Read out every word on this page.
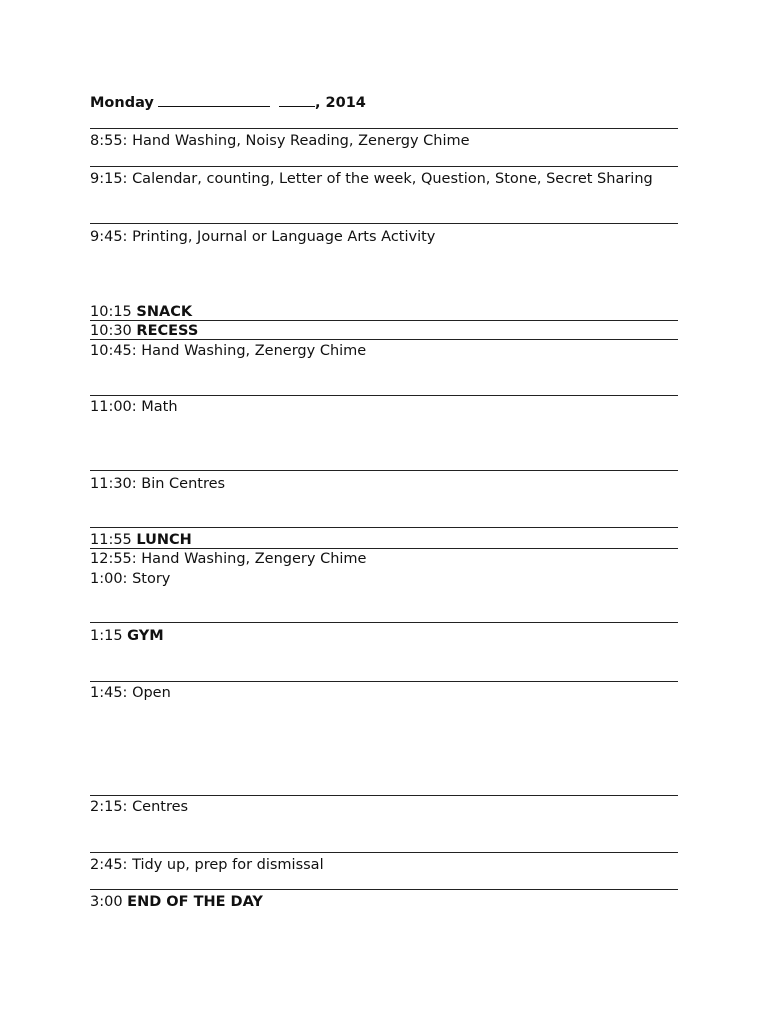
Monday	, 2014
8:55: Hand Washing, Noisy Reading, Zenergy Chime
9:15: Calendar, counting, Letter of the week, Question, Stone, Secret Sharing
9:45: Printing, Journal or Language Arts Activity
10:15 SNACK
10:30 RECESS
10:45: Hand Washing, Zenergy Chime
11:00: Math
11:30: Bin Centres
11:55 LUNCH
12:55: Hand Washing, Zengery Chime
1:00: Story
1:15 GYM
1:45: Open
2:15: Centres
2:45: Tidy up, prep for dismissal
3:00 END OF THE DAY
